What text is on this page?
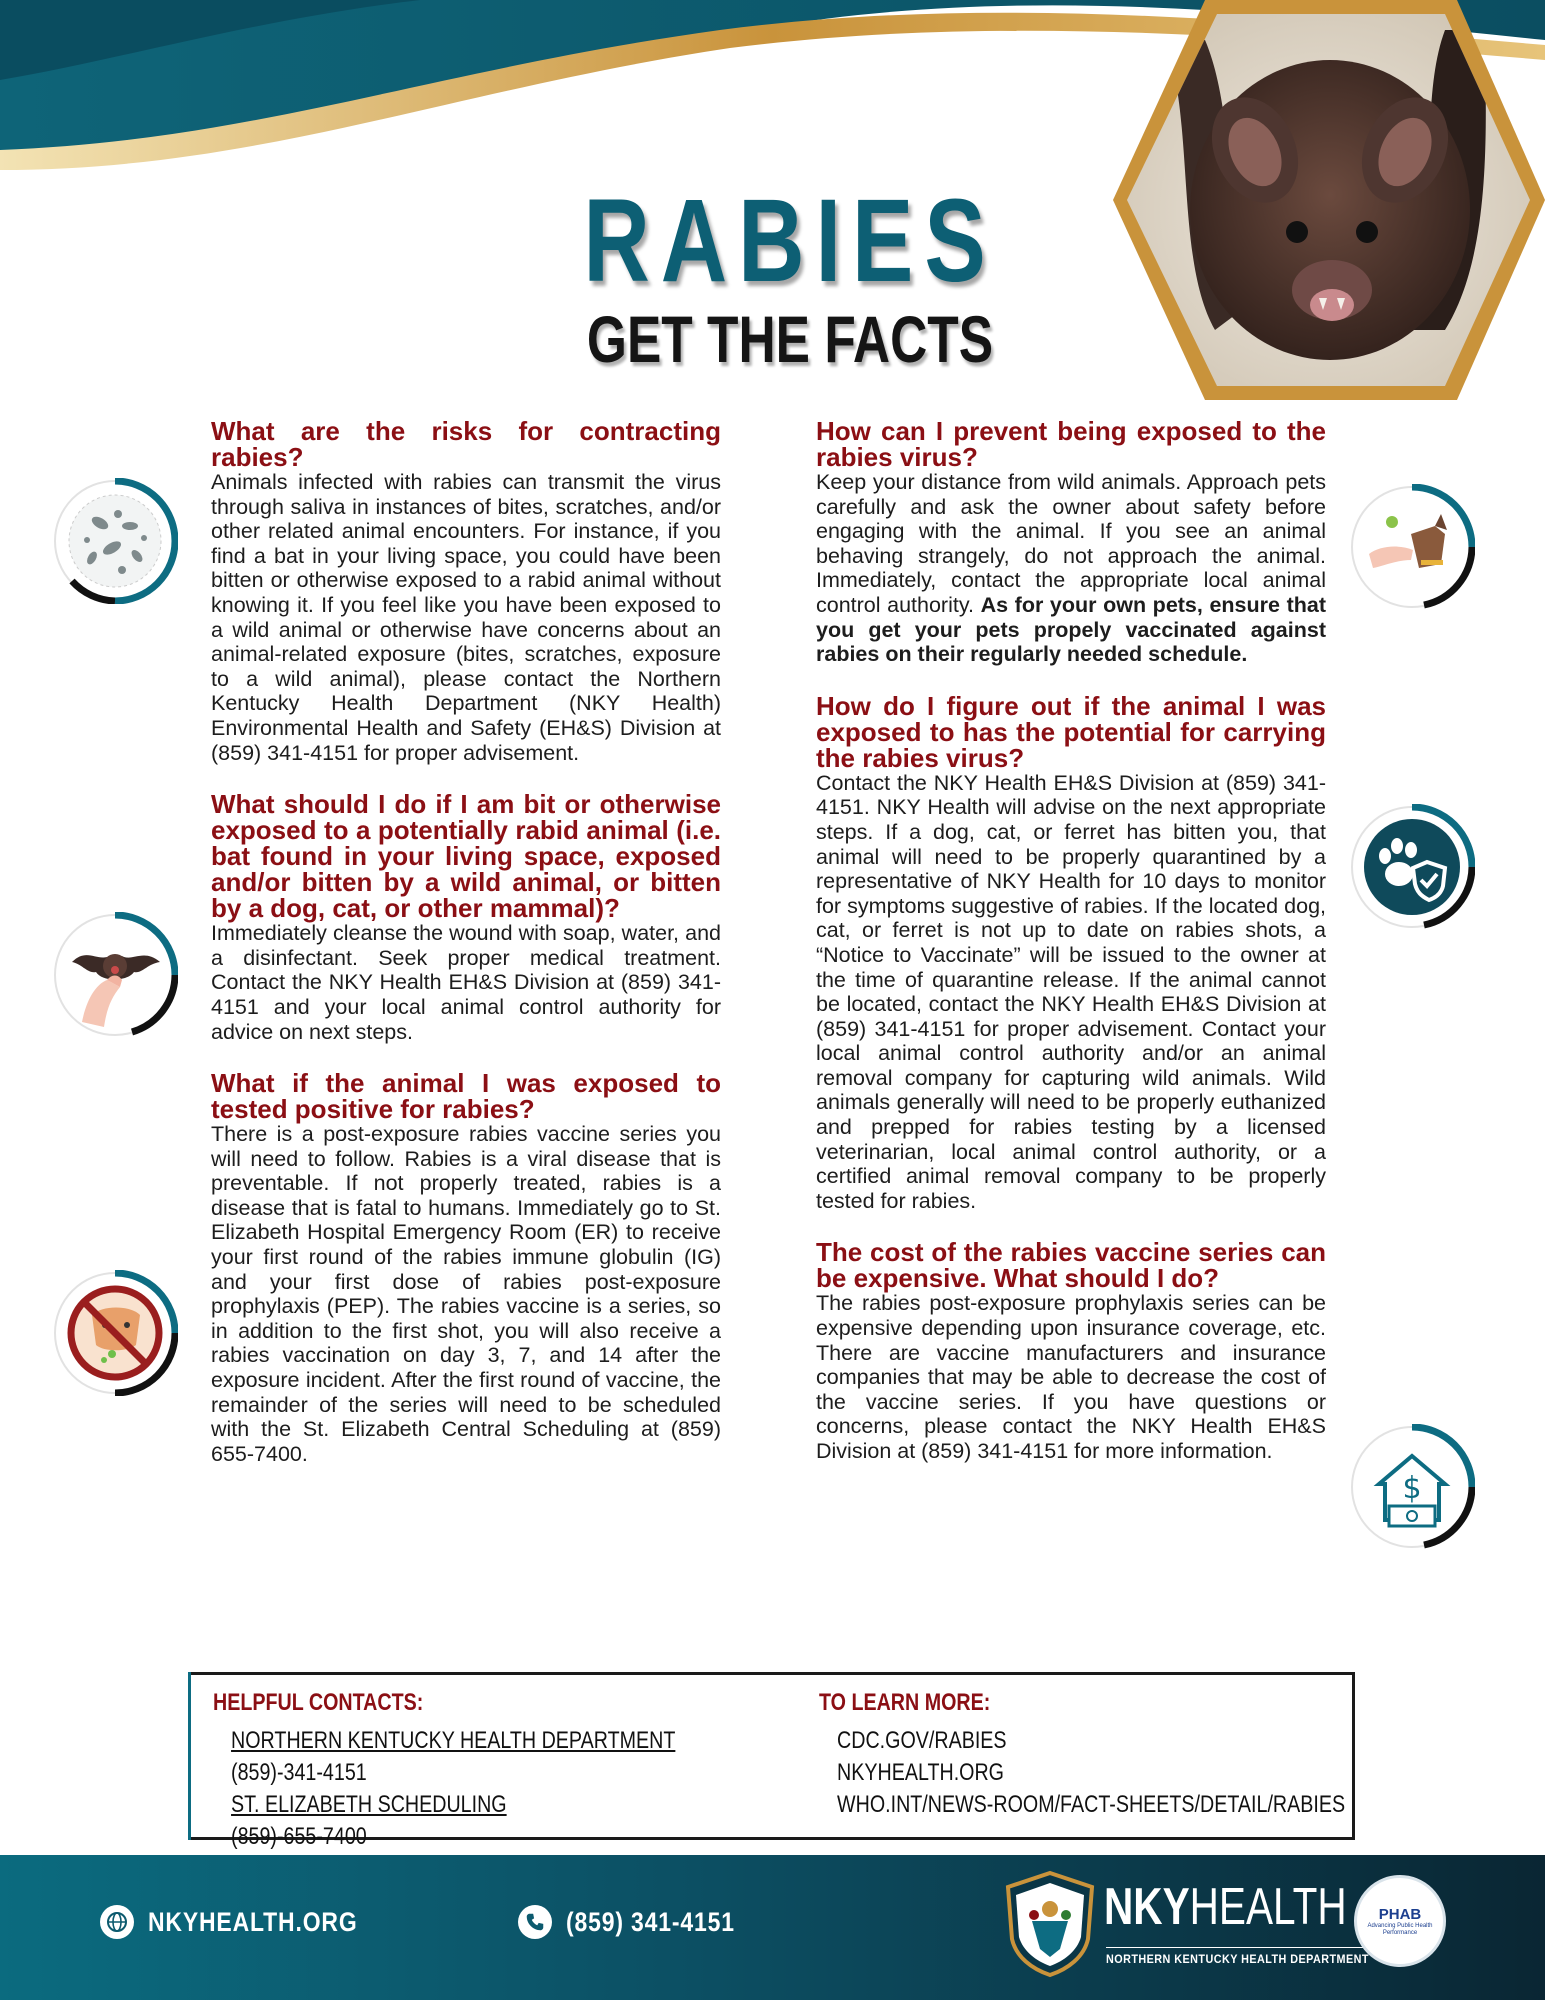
RABIES
GET THE FACTS
$

What are the risks for contracting rabies?

Animals infected with rabies can transmit the virus through saliva in instances of bites, scratches, and/or other related animal encounters. For instance, if you find a bat in your living space, you could have been bitten or otherwise exposed to a rabid animal without knowing it. If you feel like you have been exposed to a wild animal or otherwise have concerns about an animal-related exposure (bites, scratches, exposure to a wild animal), please contact the Northern Kentucky Health Department (NKY Health) Environmental Health and Safety (EH&S) Division at (859) 341-4151 for proper advisement.

What should I do if I am bit or otherwise exposed to a potentially rabid animal (i.e. bat found in your living space, exposed and/or bitten by a wild animal, or bitten by a dog, cat, or other mammal)?

Immediately cleanse the wound with soap, water, and a disinfectant. Seek proper medical treatment. Contact the NKY Health EH&S Division at (859) 341-4151 and your local animal control authority for advice on next steps.

What if the animal I was exposed to tested positive for rabies?

There is a post-exposure rabies vaccine series you will need to follow. Rabies is a viral disease that is preventable. If not properly treated, rabies is a disease that is fatal to humans. Immediately go to St. Elizabeth Hospital Emergency Room (ER) to receive your first round of the rabies immune globulin (IG) and your first dose of rabies post-exposure prophylaxis (PEP). The rabies vaccine is a series, so in addition to the first shot, you will also receive a rabies vaccination on day 3, 7, and 14 after the exposure incident. After the first round of vaccine, the remainder of the series will need to be scheduled with the St. Elizabeth Central Scheduling at (859) 655-7400.

How can I prevent being exposed to the rabies virus?

Keep your distance from wild animals. Approach pets carefully and ask the owner about safety before engaging with the animal. If you see an animal behaving strangely, do not approach the animal. Immediately, contact the appropriate local animal control authority. As for your own pets, ensure that you get your pets propely vaccinated against rabies on their regularly needed schedule.

How do I figure out if the animal I was exposed to has the potential for carrying the rabies virus?

Contact the NKY Health EH&S Division at (859) 341-4151. NKY Health will advise on the next appropriate steps. If a dog, cat, or ferret has bitten you, that animal will need to be properly quarantined by a representative of NKY Health for 10 days to monitor for symptoms suggestive of rabies. If the located dog, cat, or ferret is not up to date on rabies shots, a “Notice to Vaccinate” will be issued to the owner at the time of quarantine release. If the animal cannot be located, contact the NKY Health EH&S Division at (859) 341-4151 for proper advisement. Contact your local animal control authority and/or an animal removal company for capturing wild animals. Wild animals generally will need to be properly euthanized and prepped for rabies testing by a licensed veterinarian, local animal control authority, or a certified animal removal company to be properly tested for rabies.

The cost of the rabies vaccine series can be expensive. What should I do?

The rabies post-exposure prophylaxis series can be expensive depending upon insurance coverage, etc. There are vaccine manufacturers and insurance companies that may be able to decrease the cost of the vaccine series. If you have questions or concerns, please contact the NKY Health EH&S Division at (859) 341-4151 for more information.

HELPFUL CONTACTS:
NORTHERN KENTUCKY HEALTH DEPARTMENT
(859)-341-4151
ST. ELIZABETH SCHEDULING
(859)-655-7400
TO LEARN MORE:
CDC.GOV/RABIES
NKYHEALTH.ORG
WHO.INT/NEWS-ROOM/FACT-SHEETS/DETAIL/RABIES
NKYHEALTH.ORG	(859) 341-4151	NKYHEALTH
NORTHERN KENTUCKY HEALTH DEPARTMENT
PHAB
Advancing Public Health Performance
